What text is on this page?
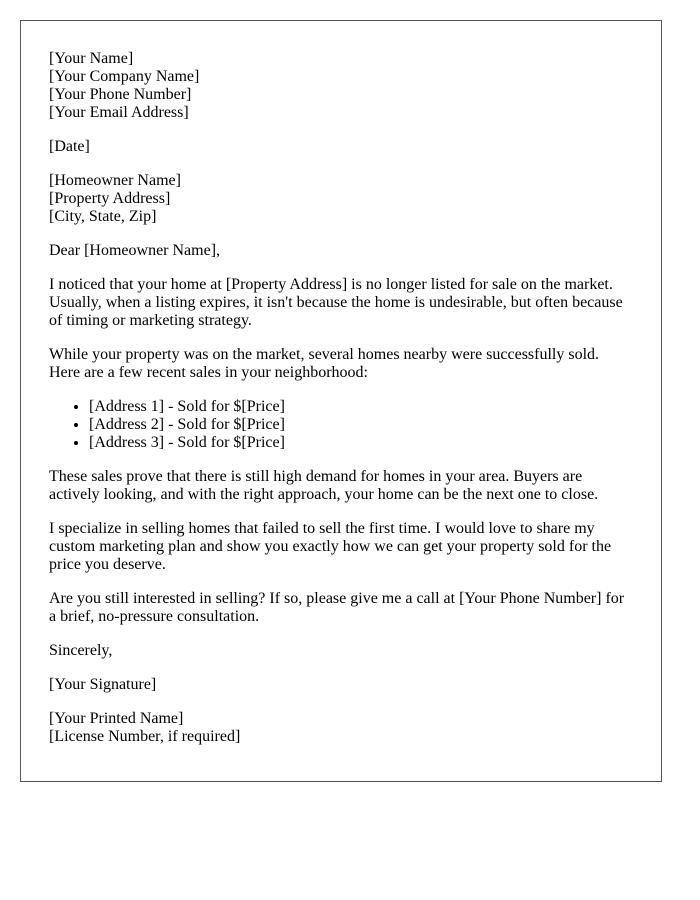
[Your Name]
[Your Company Name]
[Your Phone Number]
[Your Email Address]

[Date]

[Homeowner Name]
[Property Address]
[City, State, Zip]

Dear [Homeowner Name],

I noticed that your home at [Property Address] is no longer listed for sale on the market. Usually, when a listing expires, it isn't because the home is undesirable, but often because of timing or marketing strategy.

While your property was on the market, several homes nearby were successfully sold. Here are a few recent sales in your neighborhood:

• [Address 1] - Sold for $[Price]
• [Address 2] - Sold for $[Price]
• [Address 3] - Sold for $[Price]

These sales prove that there is still high demand for homes in your area. Buyers are actively looking, and with the right approach, your home can be the next one to close.

I specialize in selling homes that failed to sell the first time. I would love to share my custom marketing plan and show you exactly how we can get your property sold for the price you deserve.

Are you still interested in selling? If so, please give me a call at [Your Phone Number] for a brief, no-pressure consultation.

Sincerely,

[Your Signature]

[Your Printed Name]
[License Number, if required]
